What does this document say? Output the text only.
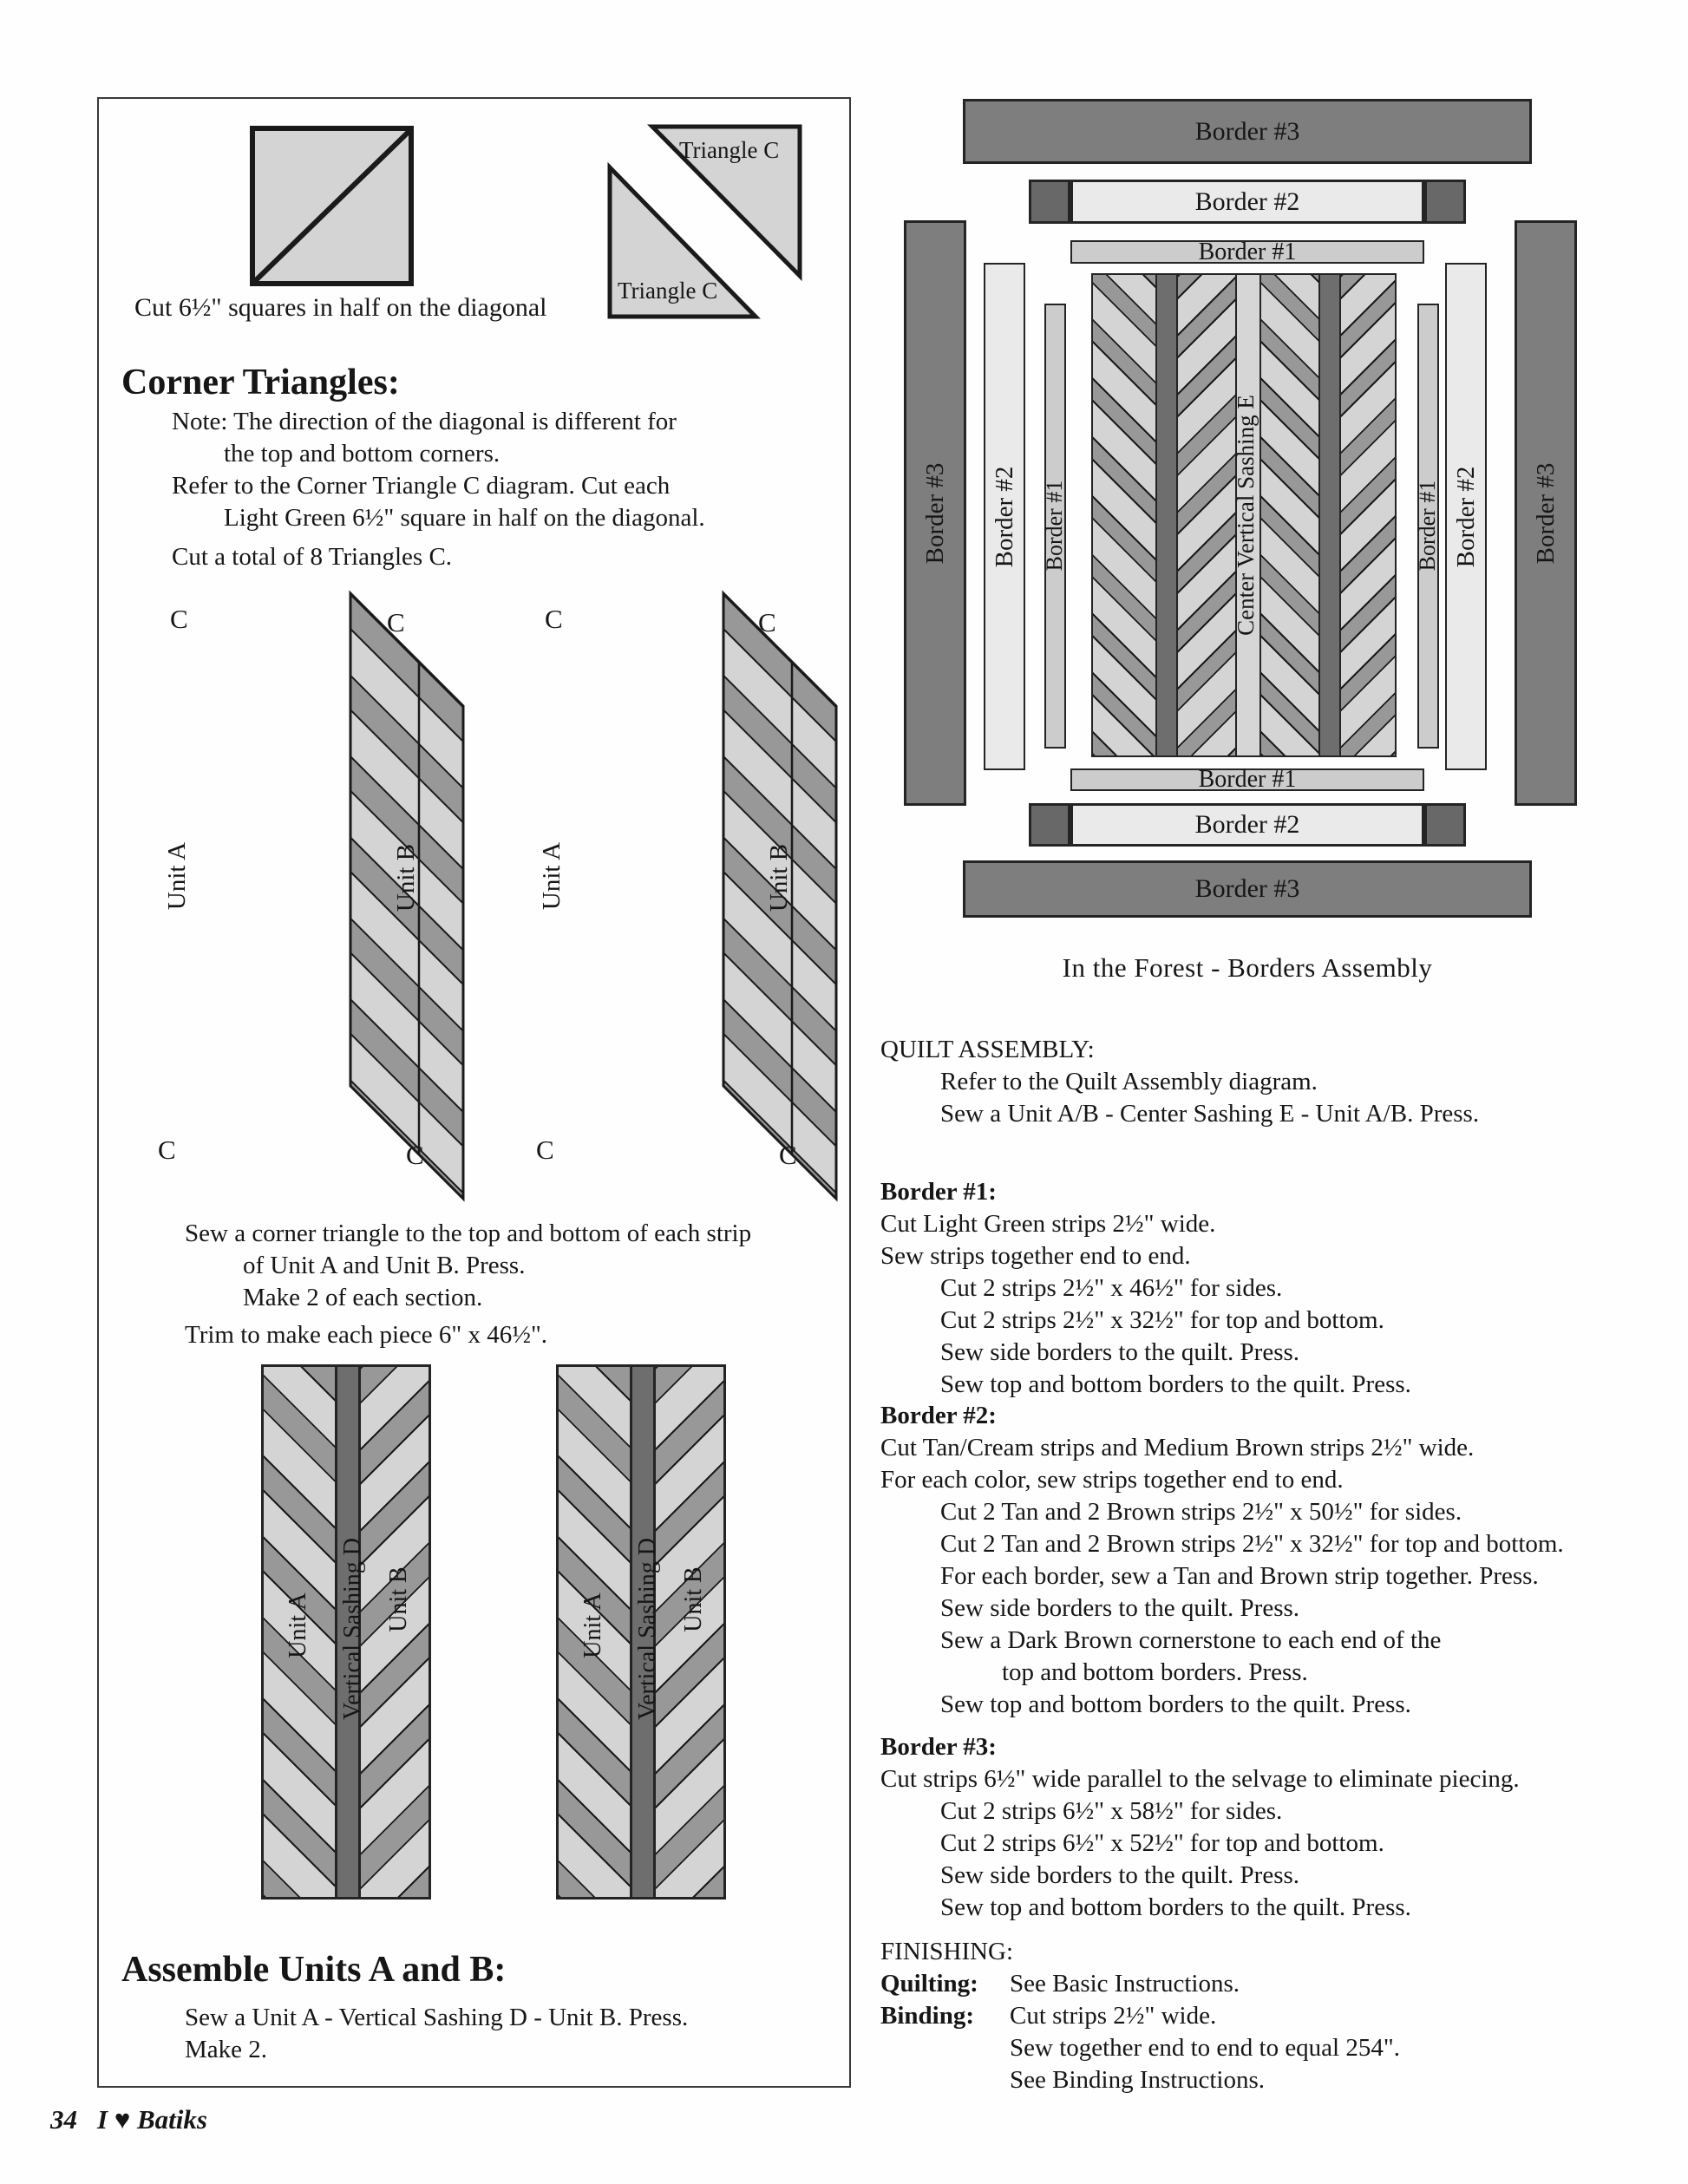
Triangle C
Triangle C
Cut 6½" squares in half on the diagonal
Corner Triangles:
Note: The direction of the diagonal is different for
the top and bottom corners.
Refer to the Corner Triangle C diagram. Cut each
Light Green 6½" square in half on the diagonal.
Cut a total of 8 Triangles C.
C	C	C	C
C	C	C	C
Unit A	Unit B	Unit A	Unit B
Sew a corner triangle to the top and bottom of each strip
of Unit A and Unit B. Press.
Make 2 of each section.
Trim to make each piece 6" x 46½".
Unit A Vertical Sashing D Unit B	Unit A Vertical Sashing D Unit B
Assemble Units A and B:
Sew a Unit A - Vertical Sashing D - Unit B. Press.
Make 2.
34 I ♥ Batiks
Border #3
Border #2
Border #1
Border #3 Border #2 Border #1	Border #1 Border #2 Border #3
Center Vertical Sashing E
Border #1
Border #2
Border #3
In the Forest - Borders Assembly
QUILT ASSEMBLY:
Refer to the Quilt Assembly diagram.
Sew a Unit A/B - Center Sashing E - Unit A/B. Press.
Border #1:
Cut Light Green strips 2½" wide.
Sew strips together end to end.
Cut 2 strips 2½" x 46½" for sides.
Cut 2 strips 2½" x 32½" for top and bottom.
Sew side borders to the quilt. Press.
Sew top and bottom borders to the quilt. Press.
Border #2:
Cut Tan/Cream strips and Medium Brown strips 2½" wide.
For each color, sew strips together end to end.
Cut 2 Tan and 2 Brown strips 2½" x 50½" for sides.
Cut 2 Tan and 2 Brown strips 2½" x 32½" for top and bottom.
For each border, sew a Tan and Brown strip together. Press.
Sew side borders to the quilt. Press.
Sew a Dark Brown cornerstone to each end of the
top and bottom borders. Press.
Sew top and bottom borders to the quilt. Press.
Border #3:
Cut strips 6½" wide parallel to the selvage to eliminate piecing.
Cut 2 strips 6½" x 58½" for sides.
Cut 2 strips 6½" x 52½" for top and bottom.
Sew side borders to the quilt. Press.
Sew top and bottom borders to the quilt. Press.
FINISHING:
Quilting: See Basic Instructions.
Binding: Cut strips 2½" wide.
Sew together end to end to equal 254".
See Binding Instructions.
